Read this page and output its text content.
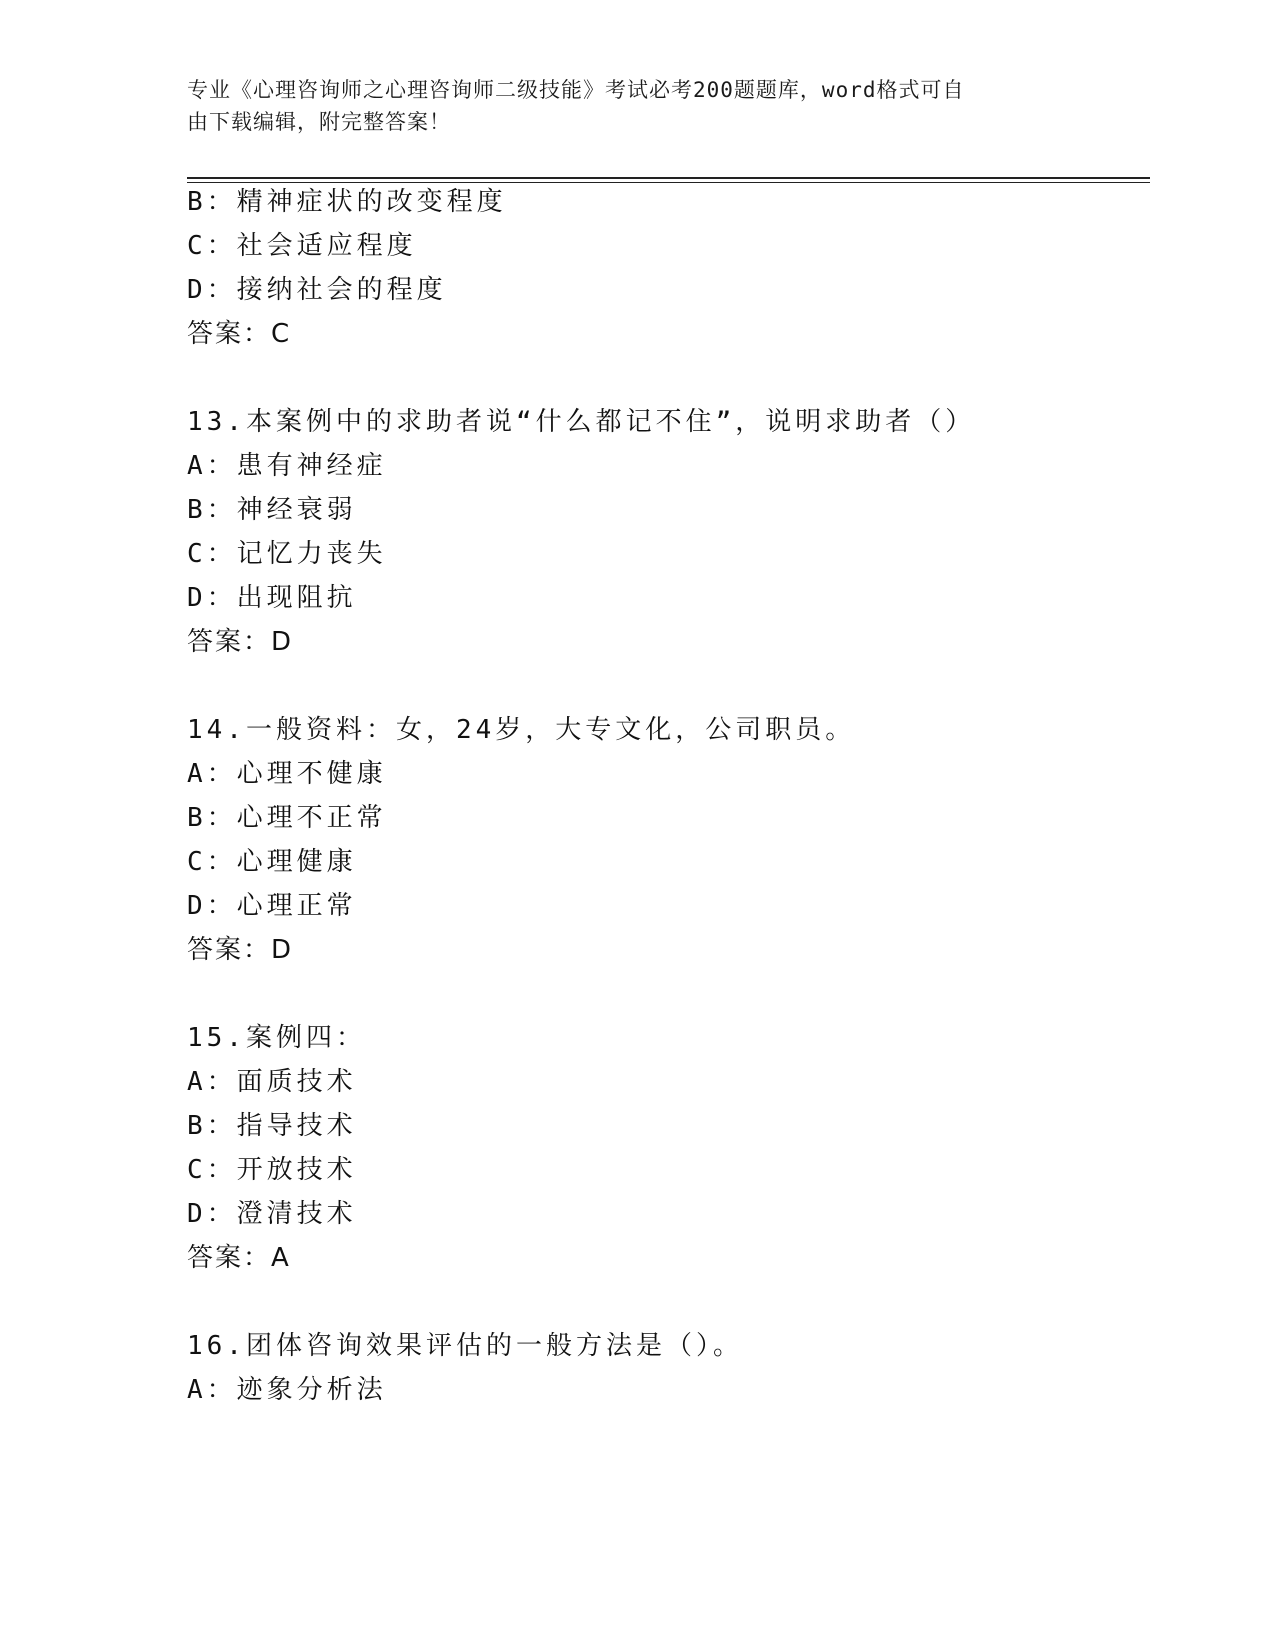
专业《心理咨询师之心理咨询师二级技能》考试必考200题题库，word格式可自
由下载编辑，附完整答案！
B：精神症状的改变程度
C：社会适应程度
D：接纳社会的程度
答案：C
13.本案例中的求助者说“什么都记不住”，说明求助者（）
A：患有神经症
B：神经衰弱
C：记忆力丧失
D：出现阻抗
答案：D
14.一般资料：女，24岁，大专文化，公司职员。
A：心理不健康
B：心理不正常
C：心理健康
D：心理正常
答案：D
15.案例四：
A：面质技术
B：指导技术
C：开放技术
D：澄清技术
答案：A
16.团体咨询效果评估的一般方法是（）。
A：迹象分析法
